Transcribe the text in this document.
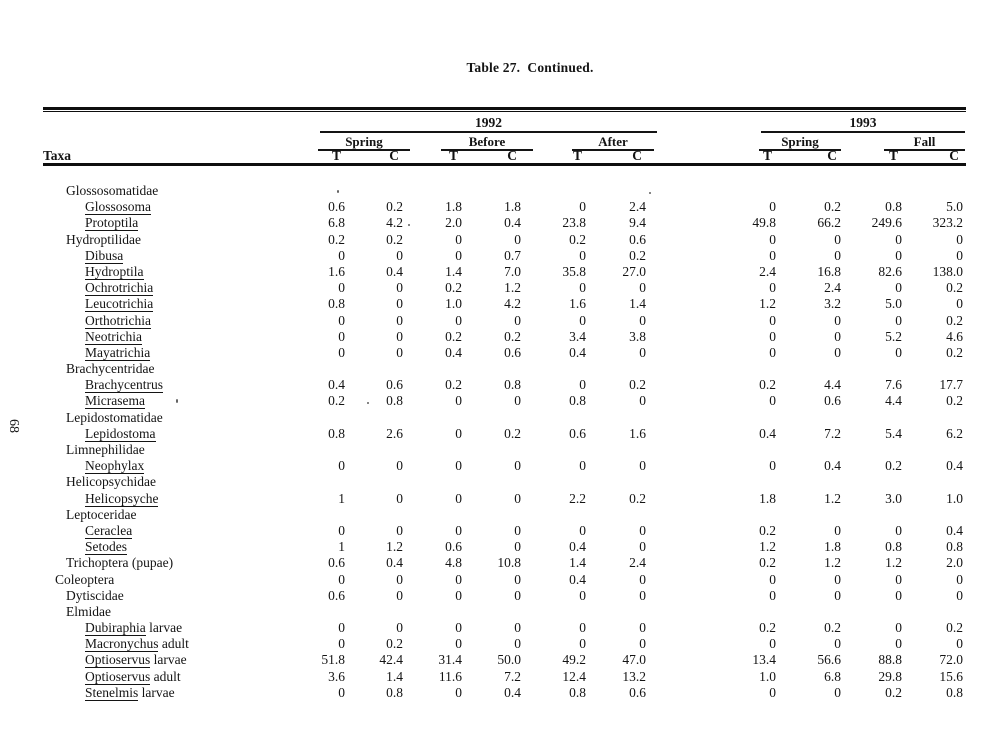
68
Table 27.  Continued.
1992	1993
Spring	Before	After	Spring	Fall
Taxa	T	C	T	C	T	C	T	C	T	C
Glossosomatidae
Glossosoma	0.6	0.2	1.8	1.8	0	2.4	0	0.2	0.8	5.0
Protoptila	6.8	4.2	2.0	0.4	23.8	9.4	49.8	66.2	249.6	323.2
Hydroptilidae	0.2	0.2	0	0	0.2	0.6	0	0	0	0
Dibusa	0	0	0	0.7	0	0.2	0	0	0	0
Hydroptila	1.6	0.4	1.4	7.0	35.8	27.0	2.4	16.8	82.6	138.0
Ochrotrichia	0	0	0.2	1.2	0	0	0	2.4	0	0.2
Leucotrichia	0.8	0	1.0	4.2	1.6	1.4	1.2	3.2	5.0	0
Orthotrichia	0	0	0	0	0	0	0	0	0	0.2
Neotrichia	0	0	0.2	0.2	3.4	3.8	0	0	5.2	4.6
Mayatrichia	0	0	0.4	0.6	0.4	0	0	0	0	0.2
Brachycentridae
Brachycentrus	0.4	0.6	0.2	0.8	0	0.2	0.2	4.4	7.6	17.7
Micrasema	0.2	0.8	0	0	0.8	0	0	0.6	4.4	0.2
Lepidostomatidae
Lepidostoma	0.8	2.6	0	0.2	0.6	1.6	0.4	7.2	5.4	6.2
Limnephilidae
Neophylax	0	0	0	0	0	0	0	0.4	0.2	0.4
Helicopsychidae
Helicopsyche	1	0	0	0	2.2	0.2	1.8	1.2	3.0	1.0
Leptoceridae
Ceraclea	0	0	0	0	0	0	0.2	0	0	0.4
Setodes	1	1.2	0.6	0	0.4	0	1.2	1.8	0.8	0.8
Trichoptera (pupae)	0.6	0.4	4.8	10.8	1.4	2.4	0.2	1.2	1.2	2.0
Coleoptera	0	0	0	0	0.4	0	0	0	0	0
Dytiscidae	0.6	0	0	0	0	0	0	0	0	0
Elmidae
Dubiraphia larvae	0	0	0	0	0	0	0.2	0.2	0	0.2
Macronychus adult	0	0.2	0	0	0	0	0	0	0	0
Optioservus larvae	51.8	42.4	31.4	50.0	49.2	47.0	13.4	56.6	88.8	72.0
Optioservus adult	3.6	1.4	11.6	7.2	12.4	13.2	1.0	6.8	29.8	15.6
Stenelmis larvae	0	0.8	0	0.4	0.8	0.6	0	0	0.2	0.8
